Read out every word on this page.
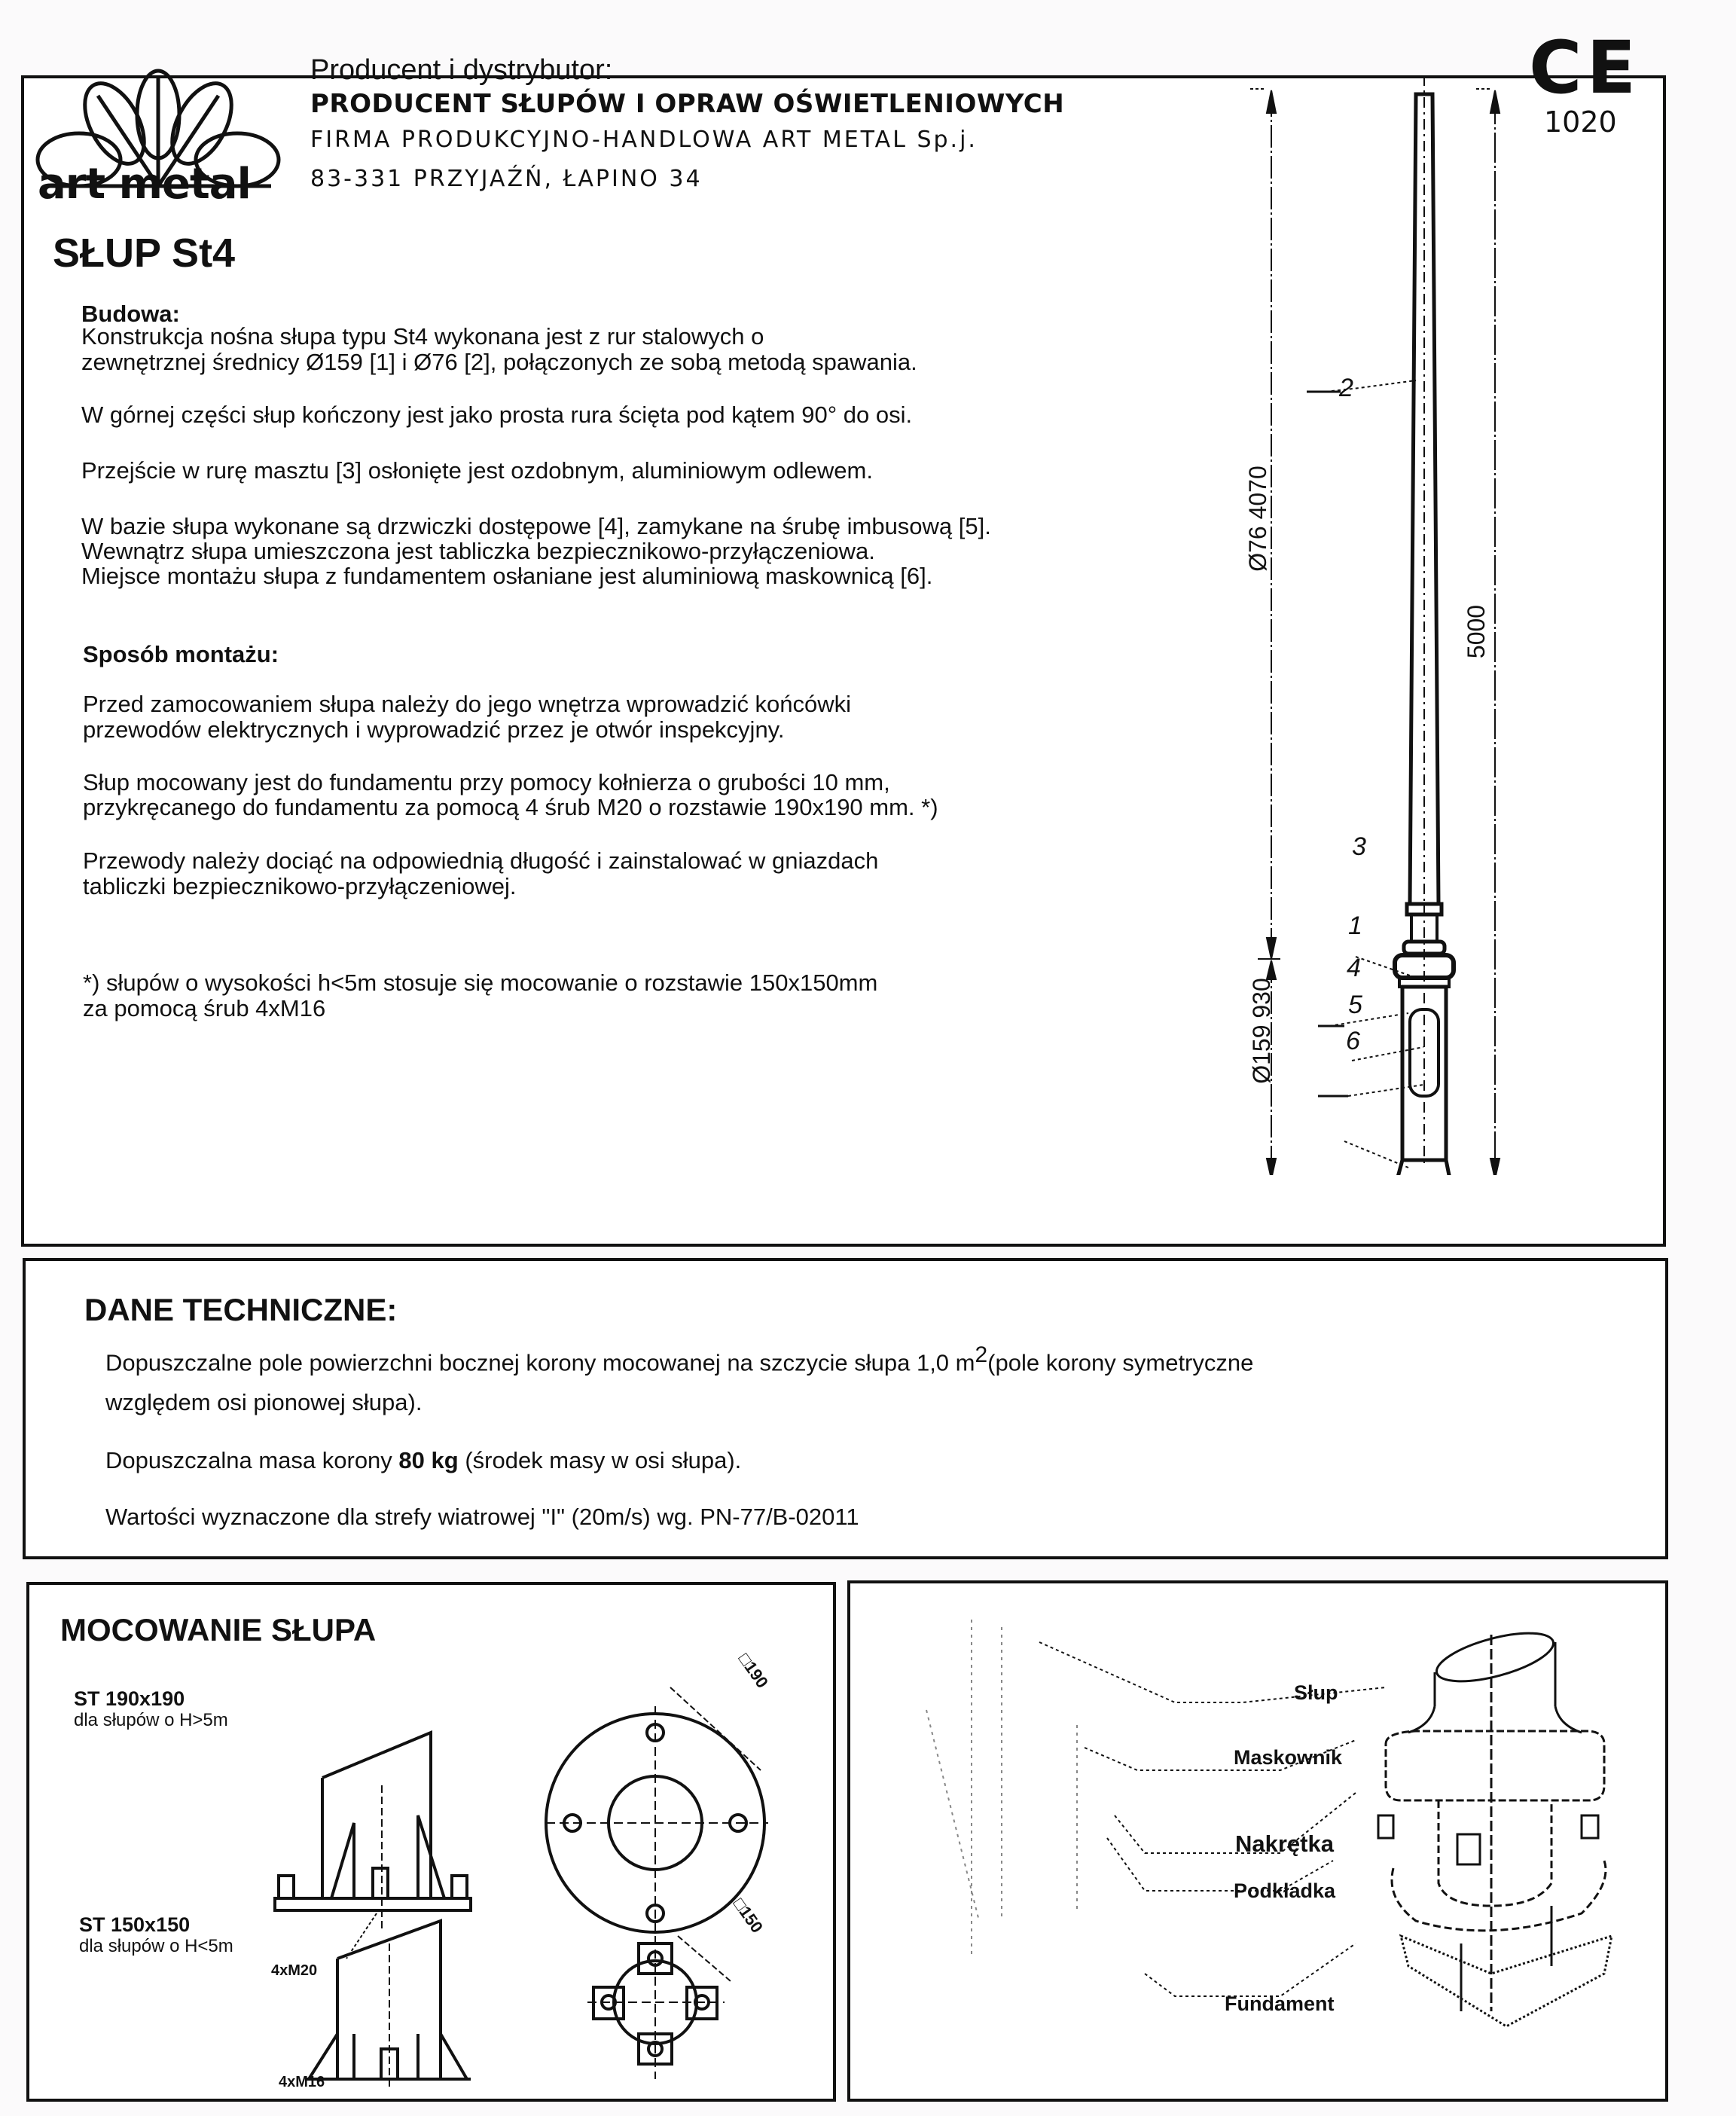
art metal
Producent i dystrybutor:
PRODUCENT SŁUPÓW I OPRAW OŚWIETLENIOWYCH
FIRMA PRODUKCYJNO-HANDLOWA ART METAL Sp.j.
83-331 PRZYJAŹŃ, ŁAPINO 34
CE
1020
SŁUP St4
Budowa:
Konstrukcja nośna słupa typu St4 wykonana jest z rur stalowych o
zewnętrznej średnicy Ø159 [1] i Ø76 [2], połączonych ze sobą metodą spawania.
W górnej części słup kończony jest jako prosta rura ścięta pod kątem 90° do osi.
Przejście w rurę masztu [3] osłonięte jest ozdobnym, aluminiowym odlewem.
W bazie słupa wykonane są drzwiczki dostępowe [4], zamykane na śrubę imbusową [5].
Wewnątrz słupa umieszczona jest tabliczka bezpiecznikowo-przyłączeniowa.
Miejsce montażu słupa z fundamentem osłaniane jest aluminiową maskownicą [6].
Sposób montażu:
Przed zamocowaniem słupa należy do jego wnętrza wprowadzić końcówki
przewodów elektrycznych i wyprowadzić przez je otwór inspekcyjny.
Słup mocowany jest do fundamentu przy pomocy kołnierza o grubości 10 mm,
przykręcanego do fundamentu za pomocą 4 śrub M20 o rozstawie 190x190 mm. *)
Przewody należy dociąć na odpowiednią długość i zainstalować w gniazdach
tabliczki bezpiecznikowo-przyłączeniowej.
*) słupów o wysokości h<5m stosuje się mocowanie o rozstawie 150x150mm
za pomocą śrub 4xM16
Ø76 4070
Ø159 930
5000
2
3
1
4
5
6
DANE TECHNICZNE:
Dopuszczalne pole powierzchni bocznej korony mocowanej na szczycie słupa 1,0 $m^2(pole$ korony symetryczne
względem osi pionowej słupa).
Dopuszczalna masa korony 80 kg (środek masy w osi słupa).
Wartości wyznaczone dla strefy wiatrowej "I" (20m/s) wg. PN-77/B-02011
MOCOWANIE SŁUPA
ST 190x190
dla słupów o H>5m
ST 150x150
dla słupów o H<5m
4xM20
□190
4xM16
□150
Słup
Maskownik
Nakrętka
Podkładka
Fundament
